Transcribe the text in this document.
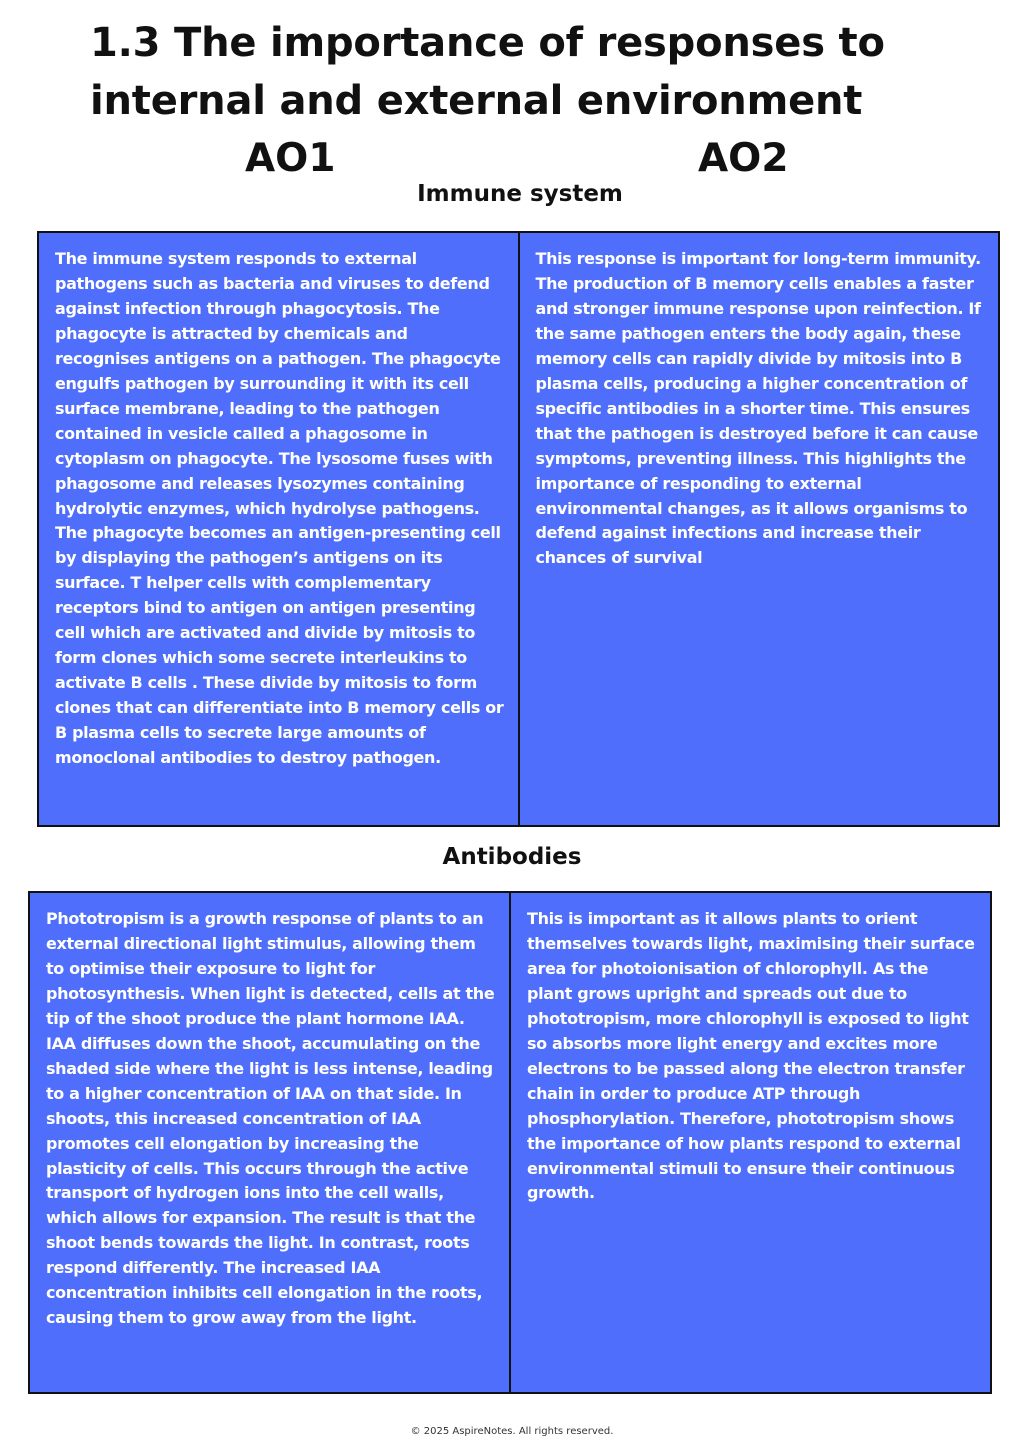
1.3 The importance of responses to
internal and external environment
AO1	AO2
Immune system

The immune system responds to external pathogens such as bacteria and viruses to defend against infection through phagocytosis. The phagocyte is attracted by chemicals and recognises antigens on a pathogen. The phagocyte engulfs pathogen by surrounding it with its cell surface membrane, leading to the pathogen contained in vesicle called a phagosome in cytoplasm on phagocyte. The lysosome fuses with phagosome and releases lysozymes containing hydrolytic enzymes, which hydrolyse pathogens. The phagocyte becomes an antigen-presenting cell by displaying the pathogen’s antigens on its surface. T helper cells with complementary receptors bind to antigen on antigen presenting cell which are activated and divide by mitosis to form clones which some secrete interleukins to activate B cells . These divide by mitosis to form clones that can differentiate into B memory cells or B plasma cells to secrete large amounts of monoclonal antibodies to destroy pathogen.

This response is important for long-term immunity. The production of B memory cells enables a faster and stronger immune response upon reinfection. If the same pathogen enters the body again, these memory cells can rapidly divide by mitosis into B plasma cells, producing a higher concentration of specific antibodies in a shorter time. This ensures that the pathogen is destroyed before it can cause symptoms, preventing illness. This highlights the importance of responding to external environmental changes, as it allows organisms to defend against infections and increase their chances of survival

Antibodies

Phototropism is a growth response of plants to an external directional light stimulus, allowing them to optimise their exposure to light for photosynthesis. When light is detected, cells at the tip of the shoot produce the plant hormone IAA. IAA diffuses down the shoot, accumulating on the shaded side where the light is less intense, leading to a higher concentration of IAA on that side. In shoots, this increased concentration of IAA promotes cell elongation by increasing the plasticity of cells. This occurs through the active transport of hydrogen ions into the cell walls, which allows for expansion. The result is that the shoot bends towards the light. In contrast, roots respond differently. The increased IAA concentration inhibits cell elongation in the roots, causing them to grow away from the light.

This is important as it allows plants to orient themselves towards light, maximising their surface area for photoionisation of chlorophyll. As the plant grows upright and spreads out due to phototropism, more chlorophyll is exposed to light so absorbs more light energy and excites more electrons to be passed along the electron transfer chain in order to produce ATP through phosphorylation. Therefore, phototropism shows the importance of how plants respond to external environmental stimuli to ensure their continuous growth.

© 2025 AspireNotes. All rights reserved.
